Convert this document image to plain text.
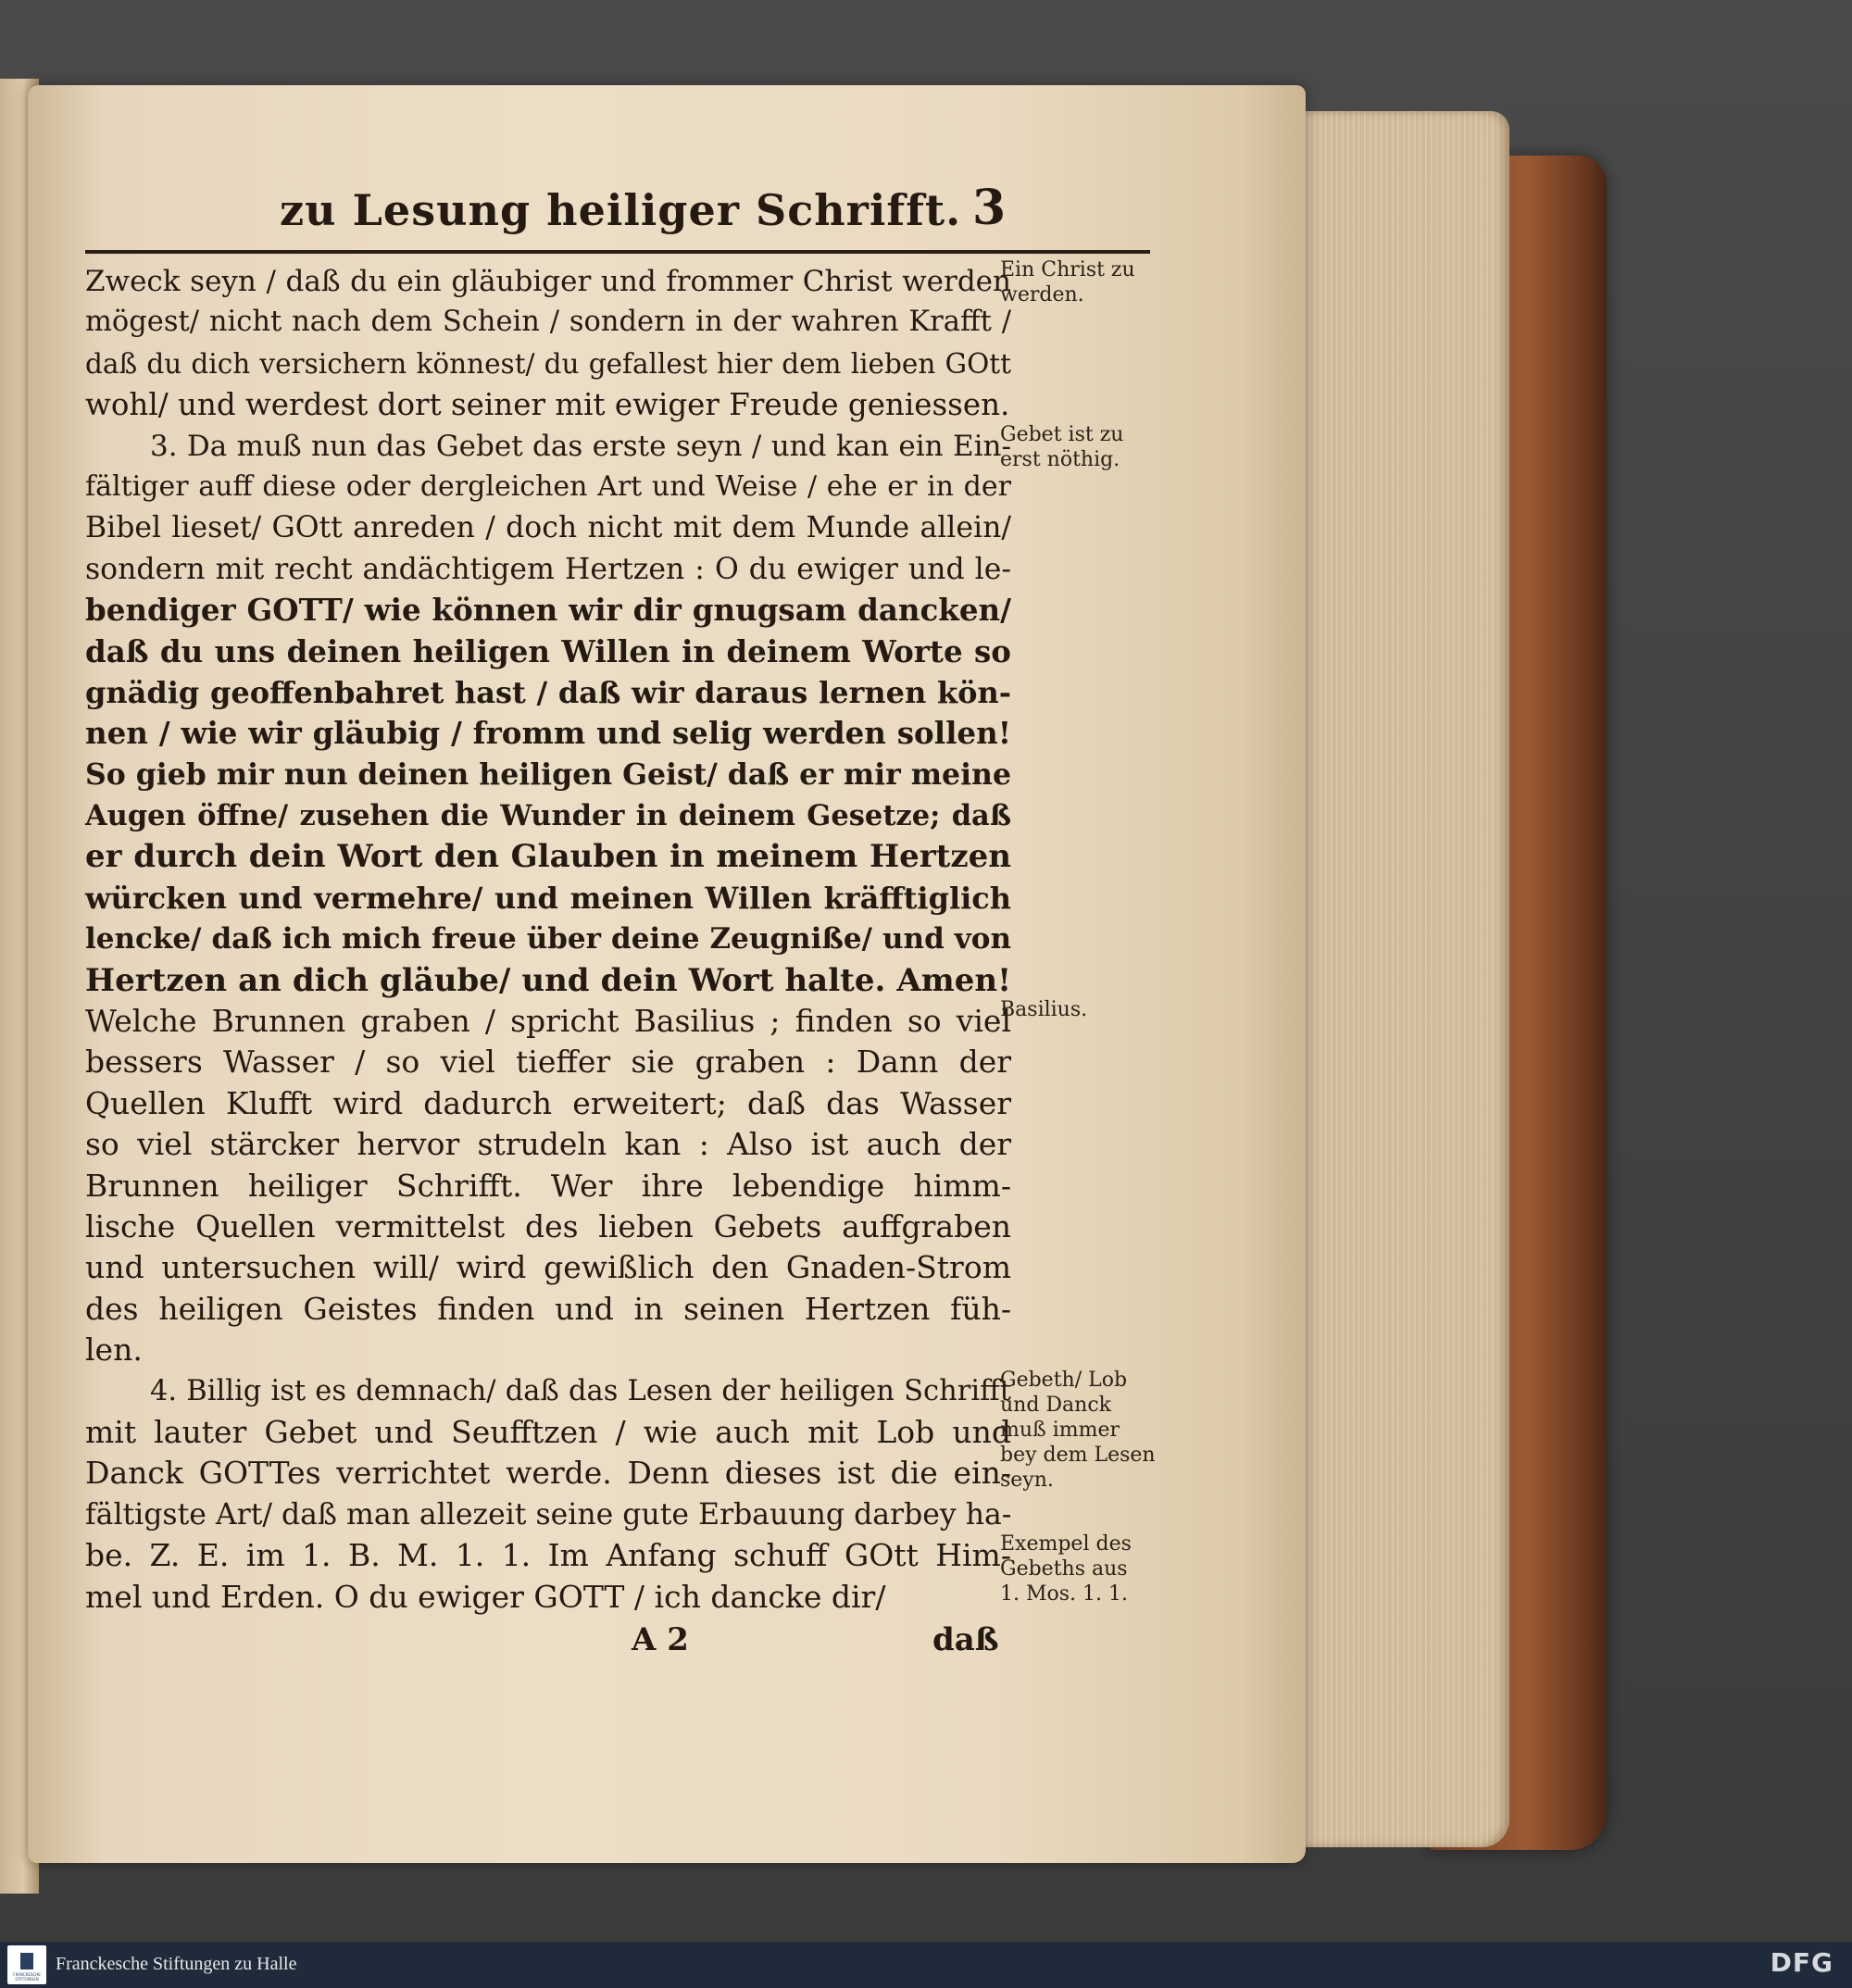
zu Lesung heiliger Schrifft. 3
Zweck seyn / daß du ein gläubiger und frommer Christ werden
mögest/ nicht nach dem Schein / sondern in der wahren Krafft /
daß du dich versichern könnest/ du gefallest hier dem lieben GOtt
wohl/ und werdest dort seiner mit ewiger Freude geniessen.
3. Da muß nun das Gebet das erste seyn / und kan ein Ein-
fältiger auff diese oder dergleichen Art und Weise / ehe er in der
Bibel lieset/ GOtt anreden / doch nicht mit dem Munde allein/
sondern mit recht andächtigem Hertzen : O du ewiger und le-
bendiger GOTT/ wie können wir dir gnugsam dancken/
daß du uns deinen heiligen Willen in deinem Worte so
gnädig geoffenbahret hast / daß wir daraus lernen kön-
nen / wie wir gläubig / fromm und selig werden sollen!
So gieb mir nun deinen heiligen Geist/ daß er mir meine
Augen öffne/ zusehen die Wunder in deinem Gesetze; daß
er durch dein Wort den Glauben in meinem Hertzen
würcken und vermehre/ und meinen Willen kräfftiglich
lencke/ daß ich mich freue über deine Zeugniße/ und von
Hertzen an dich gläube/ und dein Wort halte. Amen!
Welche Brunnen graben / spricht Basilius ; finden so viel
bessers Wasser / so viel tieffer sie graben : Dann der
Quellen Klufft wird dadurch erweitert; daß das Wasser
so viel stärcker hervor strudeln kan : Also ist auch der
Brunnen heiliger Schrifft. Wer ihre lebendige himm-
lische Quellen vermittelst des lieben Gebets auffgraben
und untersuchen will/ wird gewißlich den Gnaden-Strom
des heiligen Geistes finden und in seinen Hertzen füh-
len.
4. Billig ist es demnach/ daß das Lesen der heiligen Schrifft
mit lauter Gebet und Seufftzen / wie auch mit Lob und
Danck GOTTes verrichtet werde. Denn dieses ist die ein-
fältigste Art/ daß man allezeit seine gute Erbauung darbey ha-
be. Z. E. im 1. B. M. 1. 1. Im Anfang schuff GOtt Him-
mel und Erden. O du ewiger GOTT / ich dancke dir/
A 2	daß
Ein Christ zu
werden.
Gebet ist zu
erst nöthig.
Basilius.
Gebeth/ Lob
und Danck
muß immer
bey dem Lesen
seyn.
Exempel des
Gebeths aus
1. Mos. 1. 1.
FRANCKESCHE STIFTUNGEN
Franckesche Stiftungen zu Halle	DFG
